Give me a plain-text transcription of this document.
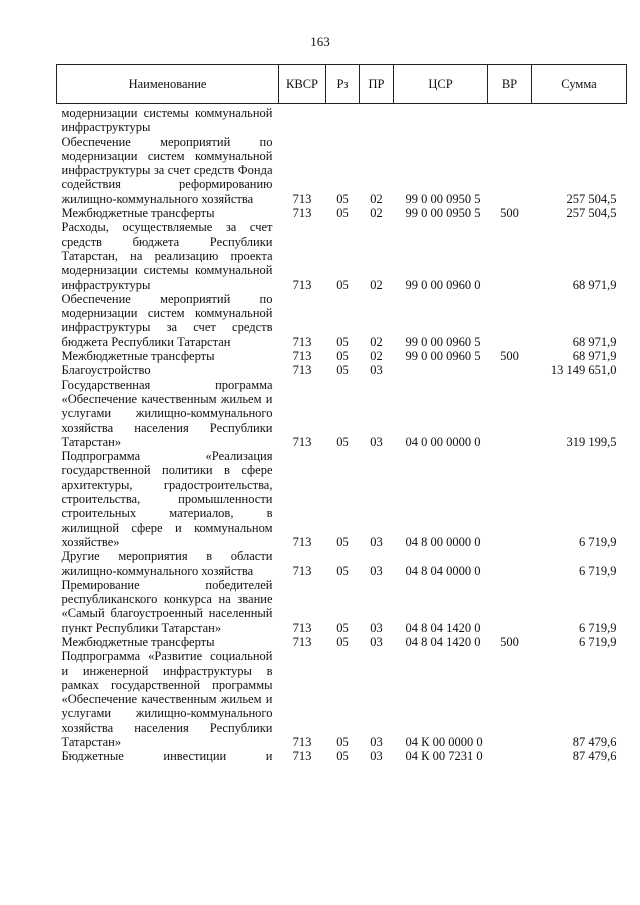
163
Наименование	КВСР	Рз	ПР	ЦСР	ВР	Сумма
модернизации системы коммунальной инфраструктуры						
Обеспечение мероприятий по модернизации систем коммунальной инфраструктуры за счет средств Фонда содействия реформированию жилищно-коммунального хозяйства	713	05	02	99 0 00 0950 5		257 504,5
Межбюджетные трансферты	713	05	02	99 0 00 0950 5	500	257 504,5
Расходы, осуществляемые за счет средств бюджета Республики Татарстан, на реализацию проекта модернизации системы коммунальной инфраструктуры	713	05	02	99 0 00 0960 0		68 971,9
Обеспечение мероприятий по модернизации систем коммунальной инфраструктуры за счет средств бюджета Республики Татарстан	713	05	02	99 0 00 0960 5		68 971,9
Межбюджетные трансферты	713	05	02	99 0 00 0960 5	500	68 971,9
Благоустройство	713	05	03			13 149 651,0
Государственная программа «Обеспечение качественным жильем и услугами жилищно-коммунального хозяйства населения Республики Татарстан»	713	05	03	04 0 00 0000 0		319 199,5
Подпрограмма «Реализация государственной политики в сфере архитектуры, градостроительства, строительства, промышленности строительных материалов, в жилищной сфере и коммунальном хозяйстве»	713	05	03	04 8 00 0000 0		6 719,9
Другие мероприятия в области жилищно-коммунального хозяйства	713	05	03	04 8 04 0000 0		6 719,9
Премирование победителей республиканского конкурса на звание «Самый благоустроенный населенный пункт Республики Татарстан»	713	05	03	04 8 04 1420 0		6 719,9
Межбюджетные трансферты	713	05	03	04 8 04 1420 0	500	6 719,9
Подпрограмма «Развитие социальной и инженерной инфраструктуры в рамках государственной программы «Обеспечение качественным жильем и услугами жилищно-коммунального хозяйства населения Республики Татарстан»	713	05	03	04 К 00 0000 0		87 479,6
Бюджетные инвестиции и	713	05	03	04 К 00 7231 0		87 479,6
